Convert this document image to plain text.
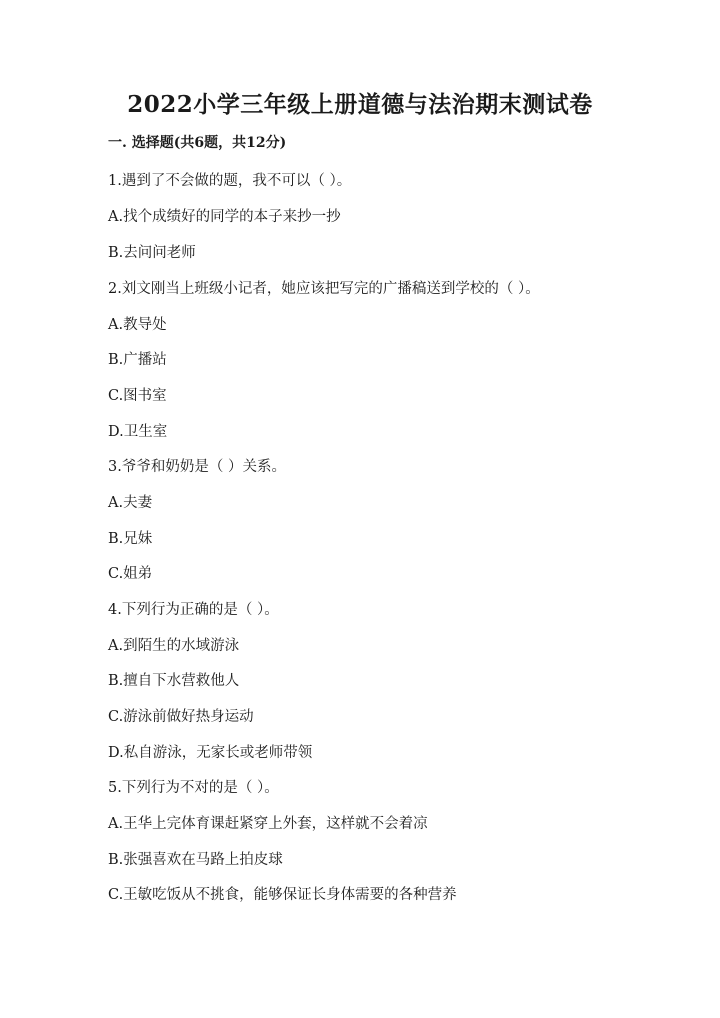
2022小学三年级上册道德与法治期末测试卷

一. 选择题(共6题，共12分)

1.遇到了不会做的题，我不可以（ ）。

A.找个成绩好的同学的本子来抄一抄

B.去问问老师

2.刘文刚当上班级小记者，她应该把写完的广播稿送到学校的（ ）。

A.教导处

B.广播站

C.图书室

D.卫生室

3.爷爷和奶奶是（ ）关系。

A.夫妻

B.兄妹

C.姐弟

4.下列行为正确的是（ ）。

A.到陌生的水域游泳

B.擅自下水营救他人

C.游泳前做好热身运动

D.私自游泳，无家长或老师带领

5.下列行为不对的是（ ）。

A.王华上完体育课赶紧穿上外套，这样就不会着凉

B.张强喜欢在马路上拍皮球

C.王敏吃饭从不挑食，能够保证长身体需要的各种营养
